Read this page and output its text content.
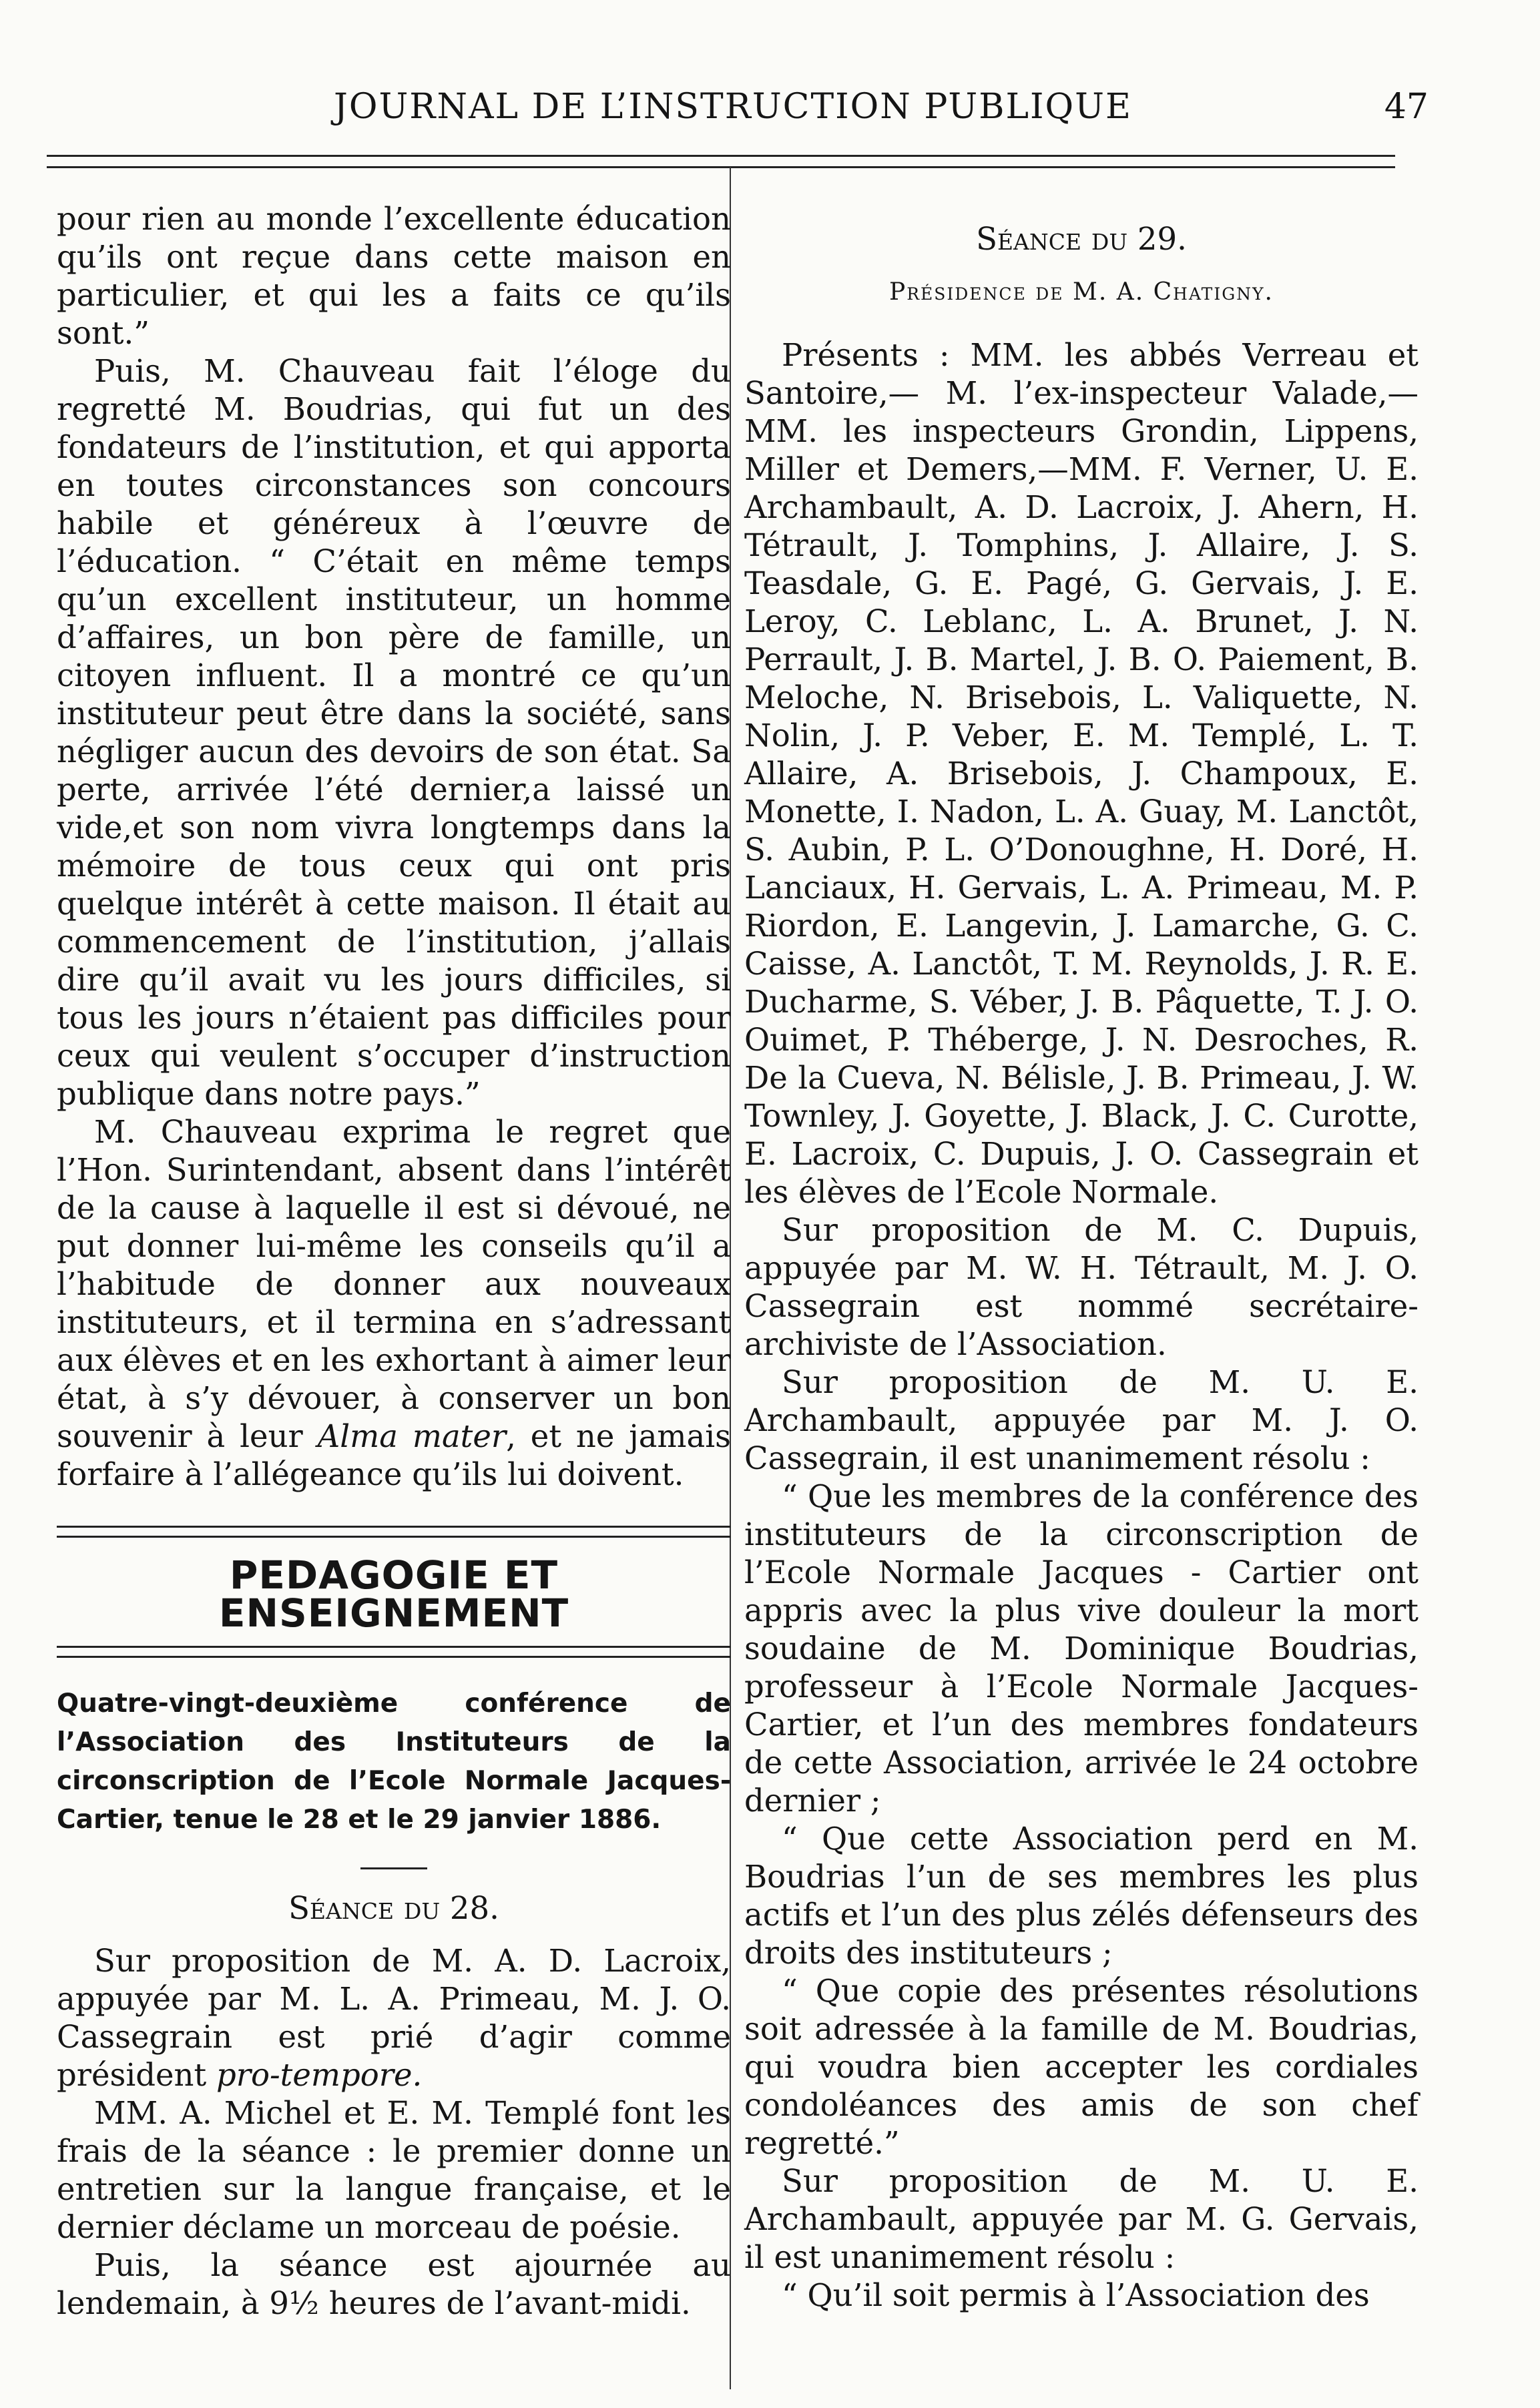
JOURNAL DE L’INSTRUCTION PUBLIQUE	47

pour rien au monde l’excellente éducation qu’ils ont reçue dans cette maison en particulier, et qui les a faits ce qu’ils sont.”

Puis, M. Chauveau fait l’éloge du regretté M. Boudrias, qui fut un des fondateurs de l’institution, et qui apporta en toutes circonstances son concours habile et généreux à l’œuvre de l’éducation. “ C’était en même temps qu’un excellent instituteur, un homme d’affaires, un bon père de famille, un citoyen influent. Il a montré ce qu’un instituteur peut être dans la société, sans négliger aucun des devoirs de son état. Sa perte, arrivée l’été dernier,a laissé un vide,et son nom vivra longtemps dans la mémoire de tous ceux qui ont pris quelque intérêt à cette maison. Il était au commencement de l’institution, j’allais dire qu’il avait vu les jours difficiles, si tous les jours n’étaient pas difficiles pour ceux qui veulent s’occuper d’instruction publique dans notre pays.”

M. Chauveau exprima le regret que l’Hon. Surintendant, absent dans l’intérêt de la cause à laquelle il est si dévoué, ne put donner lui-même les conseils qu’il a l’habitude de donner aux nouveaux instituteurs, et il termina en s’adressant aux élèves et en les exhortant à aimer leur état, à s’y dévouer, à conserver un bon souvenir à leur Alma mater, et ne jamais forfaire à l’allégeance qu’ils lui doivent.

PEDAGOGIE ET ENSEIGNEMENT

Quatre-vingt-deuxième conférence de l’Association des Instituteurs de la circonscription de l’Ecole Normale Jacques-Cartier, tenue le 28 et le 29 janvier 1886.

Séance du 28.

Sur proposition de M. A. D. Lacroix, appuyée par M. L. A. Primeau, M. J. O. Cassegrain est prié d’agir comme président pro-tempore.

MM. A. Michel et E. M. Templé font les frais de la séance : le premier donne un entretien sur la langue française, et le dernier déclame un morceau de poésie.

Puis, la séance est ajournée au lendemain, à 9½ heures de l’avant-midi.

Séance du 29.

Présidence de M. A. Chatigny.

Présents : MM. les abbés Verreau et Santoire,— M. l’ex-inspecteur Valade,— MM. les inspecteurs Grondin, Lippens, Miller et Demers,—MM. F. Verner, U. E. Archambault, A. D. Lacroix, J. Ahern, H. Tétrault, J. Tomphins, J. Allaire, J. S. Teasdale, G. E. Pagé, G. Gervais, J. E. Leroy, C. Leblanc, L. A. Brunet, J. N. Perrault, J. B. Martel, J. B. O. Paiement, B. Meloche, N. Brisebois, L. Valiquette, N. Nolin, J. P. Veber, E. M. Templé, L. T. Allaire, A. Brisebois, J. Champoux, E. Monette, I. Nadon, L. A. Guay, M. Lanctôt, S. Aubin, P. L. O’Donoughne, H. Doré, H. Lanciaux, H. Gervais, L. A. Primeau, M. P. Riordon, E. Langevin, J. Lamarche, G. C. Caisse, A. Lanctôt, T. M. Reynolds, J. R. E. Ducharme, S. Véber, J. B. Pâquette, T. J. O. Ouimet, P. Théberge, J. N. Desroches, R. De la Cueva, N. Bélisle, J. B. Primeau, J. W. Townley, J. Goyette, J. Black, J. C. Curotte, E. Lacroix, C. Dupuis, J. O. Cassegrain et les élèves de l’Ecole Normale.

Sur proposition de M. C. Dupuis, appuyée par M. W. H. Tétrault, M. J. O. Cassegrain est nommé secrétaire-archiviste de l’Association.

Sur proposition de M. U. E. Archambault, appuyée par M. J. O. Cassegrain, il est unanimement résolu :

“ Que les membres de la conférence des instituteurs de la circonscription de l’Ecole Normale Jacques - Cartier ont appris avec la plus vive douleur la mort soudaine de M. Dominique Boudrias, professeur à l’Ecole Normale Jacques-Cartier, et l’un des membres fondateurs de cette Association, arrivée le 24 octobre dernier ;

“ Que cette Association perd en M. Boudrias l’un de ses membres les plus actifs et l’un des plus zélés défenseurs des droits des instituteurs ;

“ Que copie des présentes résolutions soit adressée à la famille de M. Boudrias, qui voudra bien accepter les cordiales condoléances des amis de son chef regretté.”

Sur proposition de M. U. E. Archambault, appuyée par M. G. Gervais, il est unanimement résolu :

“ Qu’il soit permis à l’Association des
